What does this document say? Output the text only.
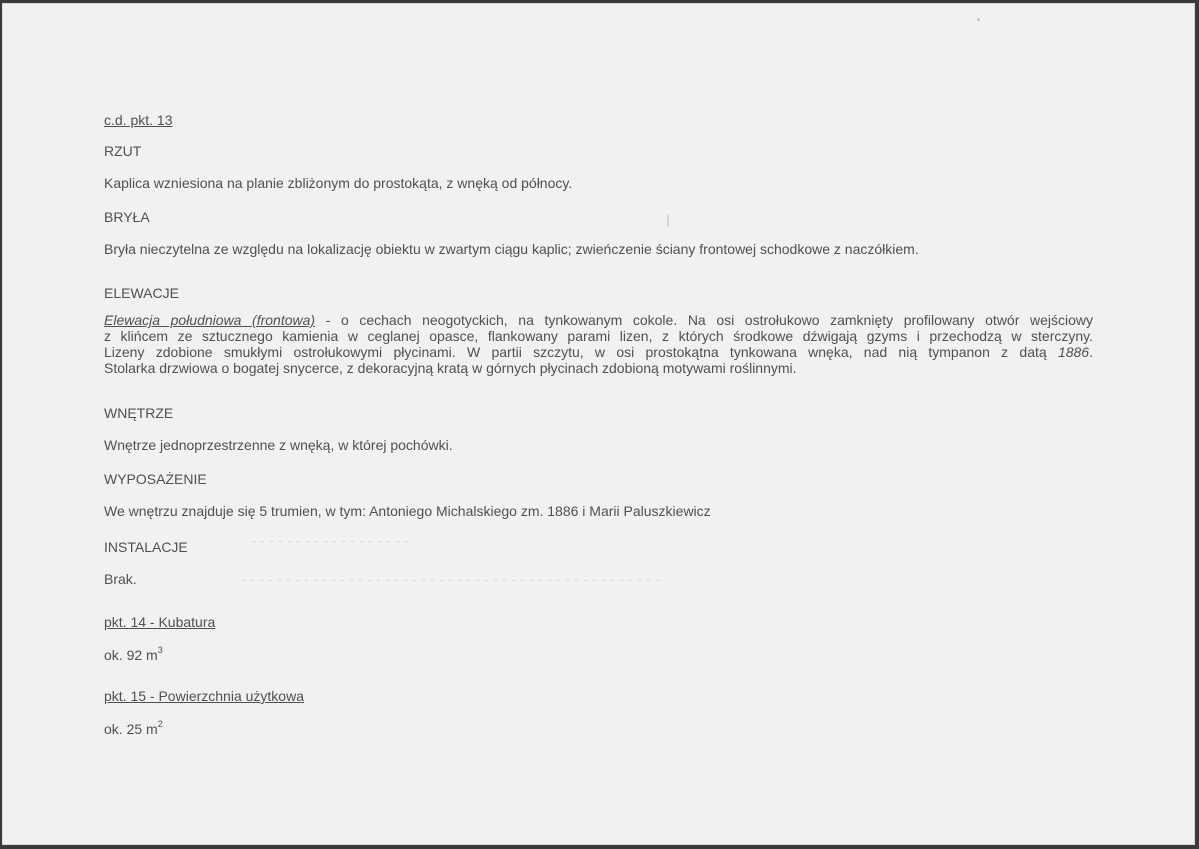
c.d. pkt. 13
RZUT
Kaplica wzniesiona na planie zbliżonym do prostokąta, z wnęką od północy.
BRYŁA
Bryła nieczytelna ze względu na lokalizację obiektu w zwartym ciągu kaplic; zwieńczenie ściany frontowej schodkowe z naczółkiem.
ELEWACJE
Elewacja południowa (frontowa) - o cechach neogotyckich, na tynkowanym cokole. Na osi ostrołukowo zamknięty profilowany otwór wejściowy
z klińcem ze sztucznego kamienia w ceglanej opasce, flankowany parami lizen, z których środkowe dźwigają gzyms i przechodzą w sterczyny.
Lizeny zdobione smukłymi ostrołukowymi płycinami. W partii szczytu, w osi prostokątna tynkowana wnęka, nad nią tympanon z datą 1886.
Stolarka drzwiowa o bogatej snycerce, z dekoracyjną kratą w górnych płycinach zdobioną motywami roślinnymi.
WNĘTRZE
Wnętrze jednoprzestrzenne z wnęką, w której pochówki.
WYPOSAŻENIE
We wnętrzu znajduje się 5 trumien, w tym: Antoniego Michalskiego zm. 1886 i Marii Paluszkiewicz
INSTALACJE
Brak.
pkt. 14 - Kubatura
ok. 92 $m^3$
pkt. 15 - Powierzchnia użytkowa
ok. 25 $m^2$
